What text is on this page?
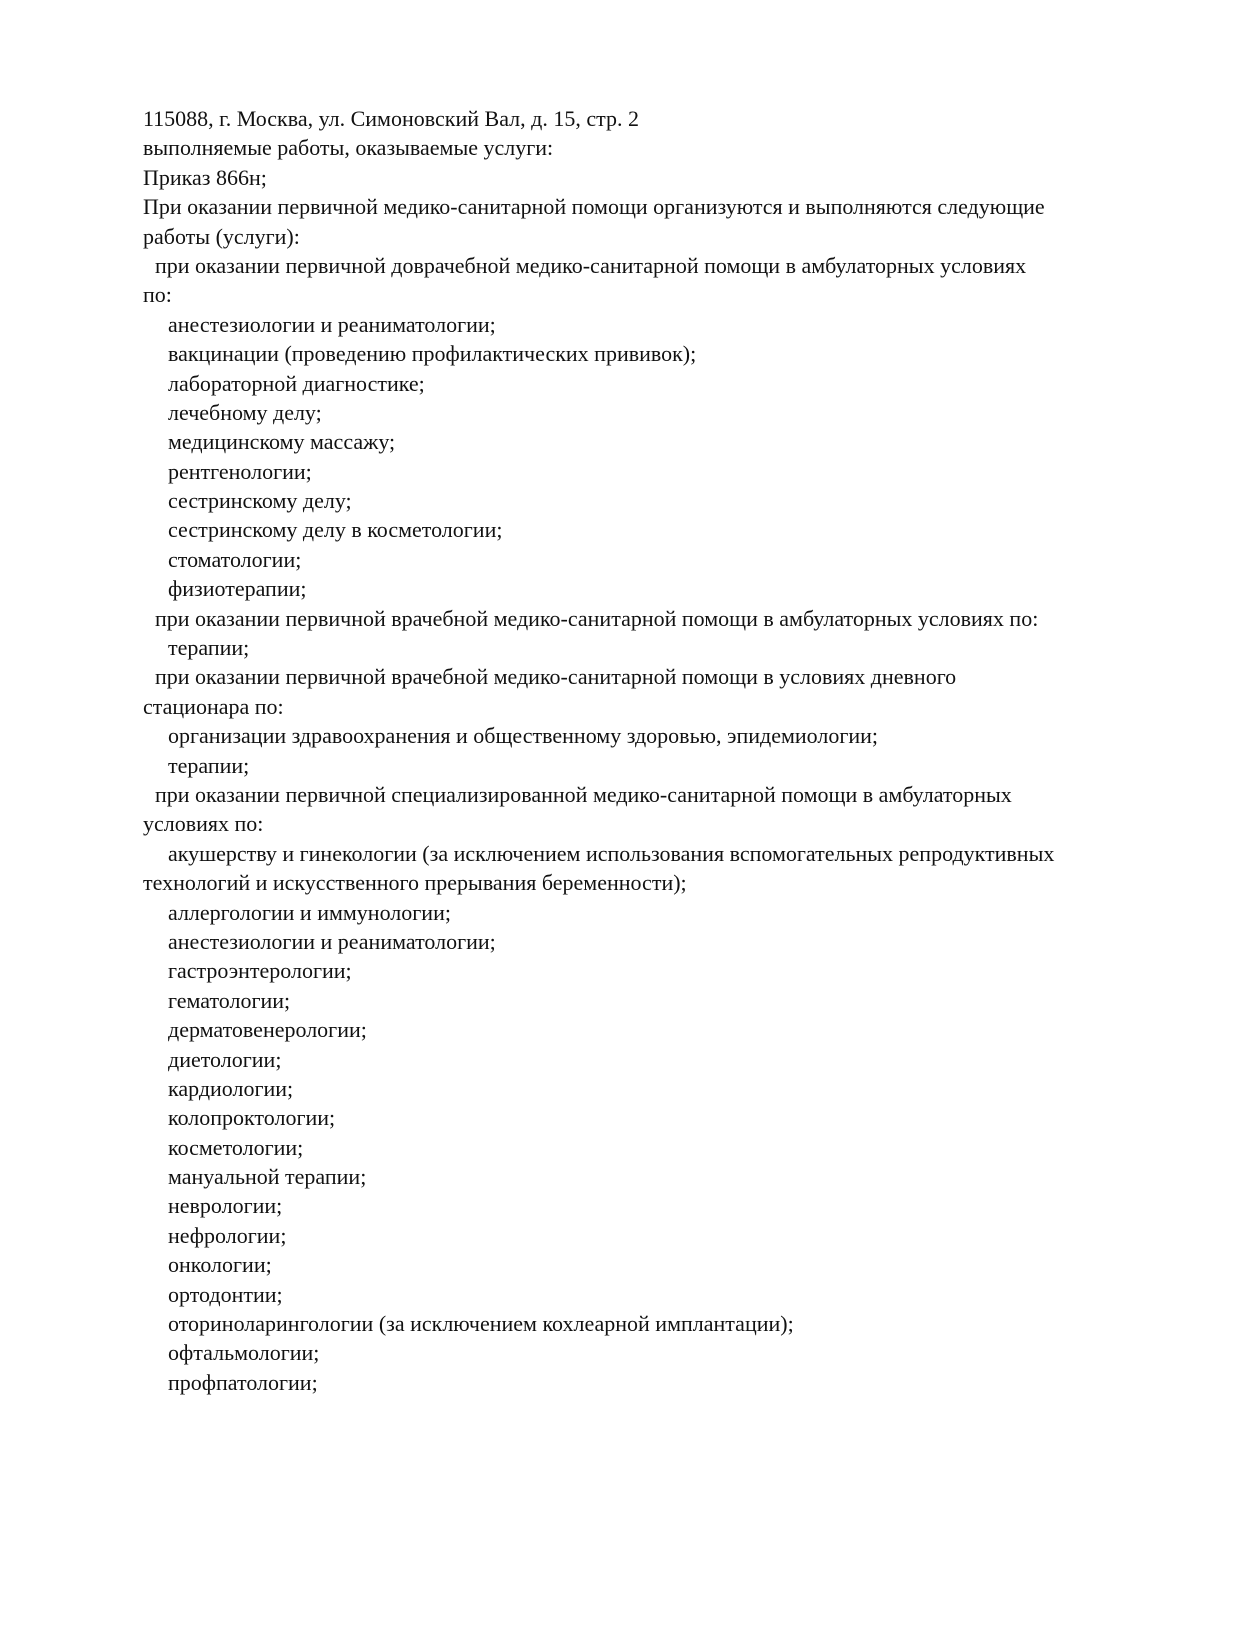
115088, г. Москва, ул. Симоновский Вал, д. 15, стр. 2
выполняемые работы, оказываемые услуги:
Приказ 866н;
При оказании первичной медико-санитарной помощи организуются и выполняются следующие
работы (услуги):
при оказании первичной доврачебной медико-санитарной помощи в амбулаторных условиях
по:
анестезиологии и реаниматологии;
вакцинации (проведению профилактических прививок);
лабораторной диагностике;
лечебному делу;
медицинскому массажу;
рентгенологии;
сестринскому делу;
сестринскому делу в косметологии;
стоматологии;
физиотерапии;
при оказании первичной врачебной медико-санитарной помощи в амбулаторных условиях по:
терапии;
при оказании первичной врачебной медико-санитарной помощи в условиях дневного
стационара по:
организации здравоохранения и общественному здоровью, эпидемиологии;
терапии;
при оказании первичной специализированной медико-санитарной помощи в амбулаторных
условиях по:
акушерству и гинекологии (за исключением использования вспомогательных репродуктивных
технологий и искусственного прерывания беременности);
аллергологии и иммунологии;
анестезиологии и реаниматологии;
гастроэнтерологии;
гематологии;
дерматовенерологии;
диетологии;
кардиологии;
колопроктологии;
косметологии;
мануальной терапии;
неврологии;
нефрологии;
онкологии;
ортодонтии;
оториноларингологии (за исключением кохлеарной имплантации);
офтальмологии;
профпатологии;
